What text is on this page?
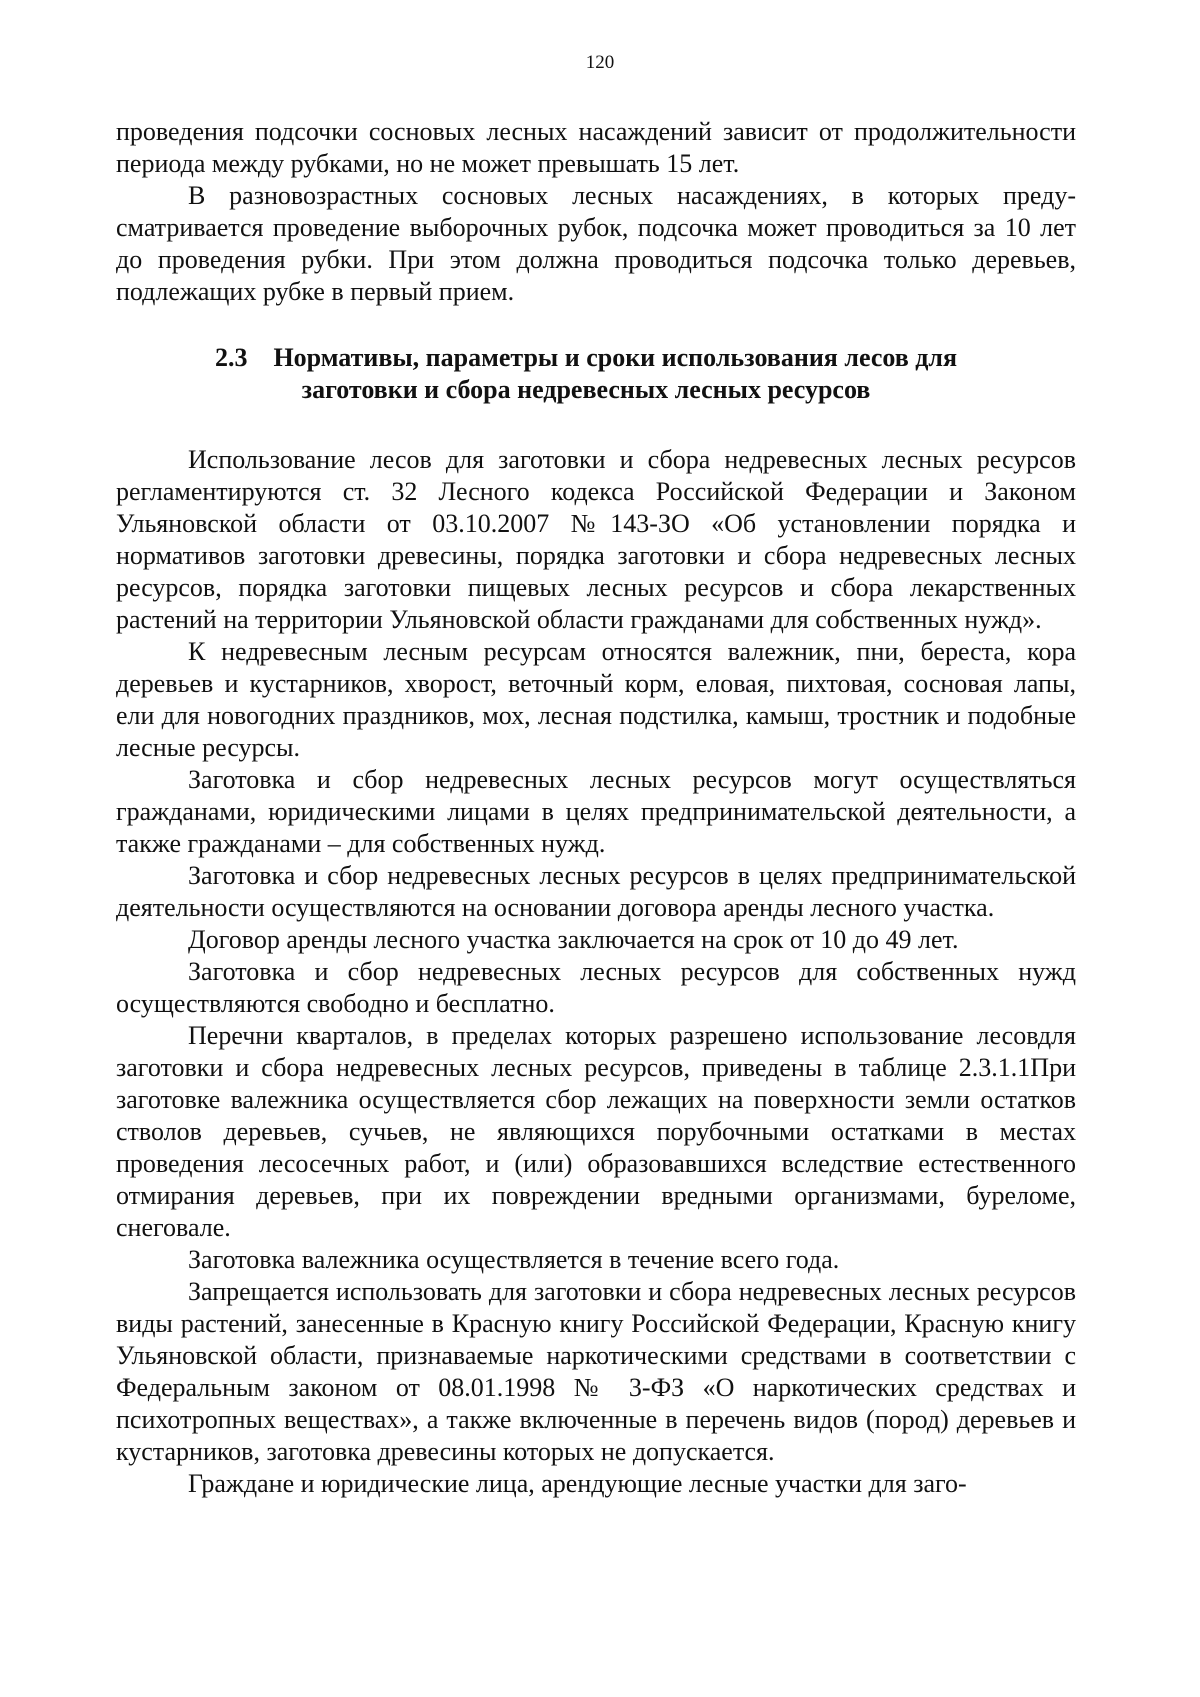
120

проведения подсочки сосновых лесных насаждений зависит от продолжительности периода между рубками, но не может превышать 15 лет.

В разновозрастных сосновых лесных насаждениях, в которых предусматривается проведение выборочных рубок, подсочка может проводиться за 10 лет до проведения рубки. При этом должна проводиться подсочка только деревьев, подлежащих рубке в первый прием.

2.3 Нормативы, параметры и сроки использования лесов для заготовки и сбора недревесных лесных ресурсов

Использование лесов для заготовки и сбора недревесных лесных ресурсов регламентируются ст. 32 Лесного кодекса Российской Федерации и Законом Ульяновской области от 03.10.2007 №143-ЗО «Об установлении порядка и нормативов заготовки древесины, порядка заготовки и сбора недревесных лесных ресурсов, порядка заготовки пищевых лесных ресурсов и сбора лекарственных растений на территории Ульяновской области гражданами для собственных нужд».

К недревесным лесным ресурсам относятся валежник, пни, береста, кора деревьев и кустарников, хворост, веточный корм, еловая, пихтовая, сосновая лапы, ели для новогодних праздников, мох, лесная подстилка, камыш, тростник и подобные лесные ресурсы.

Заготовка и сбор недревесных лесных ресурсов могут осуществляться гражданами, юридическими лицами в целях предпринимательской деятельности, а также гражданами – для собственных нужд.

Заготовка и сбор недревесных лесных ресурсов в целях предпринимательской деятельности осуществляются на основании договора аренды лесного участка.

Договор аренды лесного участка заключается на срок от 10 до 49 лет.

Заготовка и сбор недревесных лесных ресурсов для собственных нужд осуществляются свободно и бесплатно.

Перечни кварталов, в пределах которых разрешено использование лесовдля заготовки и сбора недревесных лесных ресурсов, приведены в таблице 2.3.1.1При заготовке валежника осуществляется сбор лежащих на поверхности земли остатков стволов деревьев, сучьев, не являющихся порубочными остатками в местах проведения лесосечных работ, и (или) образовавшихся вследствие естественного отмирания деревьев, при их повреждении вредными организмами, буреломе, снеговале.

Заготовка валежника осуществляется в течение всего года.

Запрещается использовать для заготовки и сбора недревесных лесных ресурсов виды растений, занесенные в Красную книгу Российской Федерации, Красную книгу Ульяновской области, признаваемые наркотическими средствами в соответствии с Федеральным законом от 08.01.1998 № 3-ФЗ «О наркотических средствах и психотропных веществах», а также включенные в перечень видов (пород) деревьев и кустарников, заготовка древесины которых не допускается.

Граждане и юридические лица, арендующие лесные участки для заго-
